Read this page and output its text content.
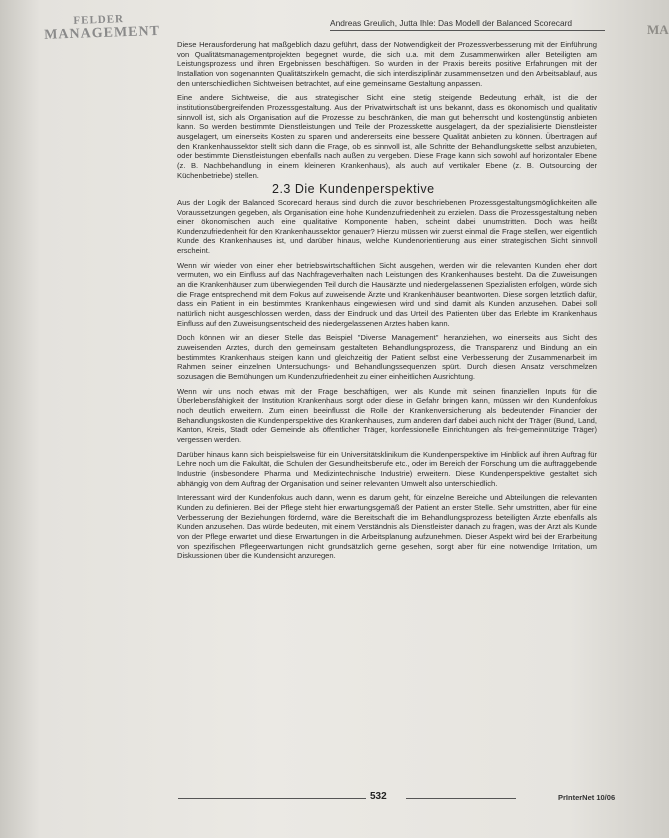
FELDER
MANAGEMENT
Andreas Greulich, Jutta Ihle: Das Modell der Balanced Scorecard	MA

Diese Herausforderung hat maßgeblich dazu geführt, dass der Notwendigkeit der Prozessverbesserung mit der Einführung von Qualitätsmanagementprojekten begegnet wurde, die sich u.a. mit dem Zusammenwirken aller Beteiligten am Leistungsprozess und ihren Ergebnissen beschäftigen. So wurden in der Praxis bereits positive Erfahrungen mit der Installation von sogenannten Qualitätszirkeln gemacht, die sich interdisziplinär zusammensetzen und den Arbeitsablauf, aus den unterschiedlichen Sichtweisen betrachtet, auf eine gemeinsame Gestaltung anpassen.

Eine andere Sichtweise, die aus strategischer Sicht eine stetig steigende Bedeutung erhält, ist die der institutionsübergreifenden Prozessgestaltung. Aus der Privatwirtschaft ist uns bekannt, dass es ökonomisch und qualitativ sinnvoll ist, sich als Organisation auf die Prozesse zu beschränken, die man gut beherrscht und kostengünstig anbieten kann. So werden bestimmte Dienstleistungen und Teile der Prozesskette ausgelagert, da der spezialisierte Dienstleister ausgelagert, um einerseits Kosten zu sparen und andererseits eine bessere Qualität anbieten zu können. Übertragen auf den Krankenhaussektor stellt sich dann die Frage, ob es sinnvoll ist, alle Schritte der Behandlungskette selbst anzubieten, oder bestimmte Dienstleistungen ebenfalls nach außen zu vergeben. Diese Frage kann sich sowohl auf horizontaler Ebene (z. B. Nachbehandlung in einem kleineren Krankenhaus), als auch auf vertikaler Ebene (z. B. Outsourcing der Küchenbetriebe) stellen.

2.3 Die Kundenperspektive

Aus der Logik der Balanced Scorecard heraus sind durch die zuvor beschriebenen Prozessgestaltungsmöglichkeiten alle Voraussetzungen gegeben, als Organisation eine hohe Kundenzufriedenheit zu erzielen. Dass die Prozessgestaltung neben einer ökonomischen auch eine qualitative Komponente haben, scheint dabei unumstritten. Doch was heißt Kundenzufriedenheit für den Krankenhaussektor genauer? Hierzu müssen wir zuerst einmal die Frage stellen, wer eigentlich Kunde des Krankenhauses ist, und darüber hinaus, welche Kundenorientierung aus einer strategischen Sicht sinnvoll erscheint.

Wenn wir wieder von einer eher betriebswirtschaftlichen Sicht ausgehen, werden wir die relevanten Kunden eher dort vermuten, wo ein Einfluss auf das Nachfrageverhalten nach Leistungen des Krankenhauses besteht. Da die Zuweisungen an die Krankenhäuser zum überwiegenden Teil durch die Hausärzte und niedergelassenen Spezialisten erfolgen, würde sich die Frage entsprechend mit dem Fokus auf zuweisende Ärzte und Krankenhäuser beantworten. Diese sorgen letztlich dafür, dass ein Patient in ein bestimmtes Krankenhaus eingewiesen wird und sind damit als Kunden anzusehen. Dabei soll natürlich nicht ausgeschlossen werden, dass der Eindruck und das Urteil des Patienten über das Erlebte im Krankenhaus Einfluss auf den Zuweisungsentscheid des niedergelassenen Arztes haben kann.

Doch können wir an dieser Stelle das Beispiel "Diverse Management" heranziehen, wo einerseits aus Sicht des zuweisenden Arztes, durch den gemeinsam gestalteten Behandlungsprozess, die Transparenz und Bindung an ein bestimmtes Krankenhaus steigen kann und gleichzeitig der Patient selbst eine Verbesserung der Zusammenarbeit im Rahmen seiner einzelnen Untersuchungs- und Behandlungssequenzen spürt. Durch diesen Ansatz verschmelzen sozusagen die Bemühungen um Kundenzufriedenheit zu einer einheitlichen Ausrichtung.

Wenn wir uns noch etwas mit der Frage beschäftigen, wer als Kunde mit seinen finanziellen Inputs für die Überlebensfähigkeit der Institution Krankenhaus sorgt oder diese in Gefahr bringen kann, müssen wir den Kundenfokus noch deutlich erweitern. Zum einen beeinflusst die Rolle der Krankenversicherung als bedeutender Financier der Behandlungskosten die Kundenperspektive des Krankenhauses, zum anderen darf dabei auch nicht der Träger (Bund, Land, Kanton, Kreis, Stadt oder Gemeinde als öffentlicher Träger, konfessionelle Einrichtungen als frei-gemeinnützige Träger) vergessen werden.

Darüber hinaus kann sich beispielsweise für ein Universitätsklinikum die Kundenperspektive im Hinblick auf ihren Auftrag für Lehre noch um die Fakultät, die Schulen der Gesundheitsberufe etc., oder im Bereich der Forschung um die auftraggebende Industrie (insbesondere Pharma und Medizintechnische Industrie) erweitern. Diese Kundenperspektive gestaltet sich abhängig von dem Auftrag der Organisation und seiner relevanten Umwelt also unterschiedlich.

Interessant wird der Kundenfokus auch dann, wenn es darum geht, für einzelne Bereiche und Abteilungen die relevanten Kunden zu definieren. Bei der Pflege steht hier erwartungsgemäß der Patient an erster Stelle. Sehr umstritten, aber für eine Verbesserung der Beziehungen fördernd, wäre die Bereitschaft die im Behandlungsprozess beteiligten Ärzte ebenfalls als Kunden anzusehen. Das würde bedeuten, mit einem Verständnis als Dienstleister danach zu fragen, was der Arzt als Kunde von der Pflege erwartet und diese Erwartungen in die Arbeitsplanung aufzunehmen. Dieser Aspekt wird bei der Erarbeitung von spezifischen Pflegeerwartungen nicht grundsätzlich gerne gesehen, sorgt aber für eine notwendige Irritation, um Diskussionen über die Kundensicht anzuregen.

532	PrInterNet 10/06
